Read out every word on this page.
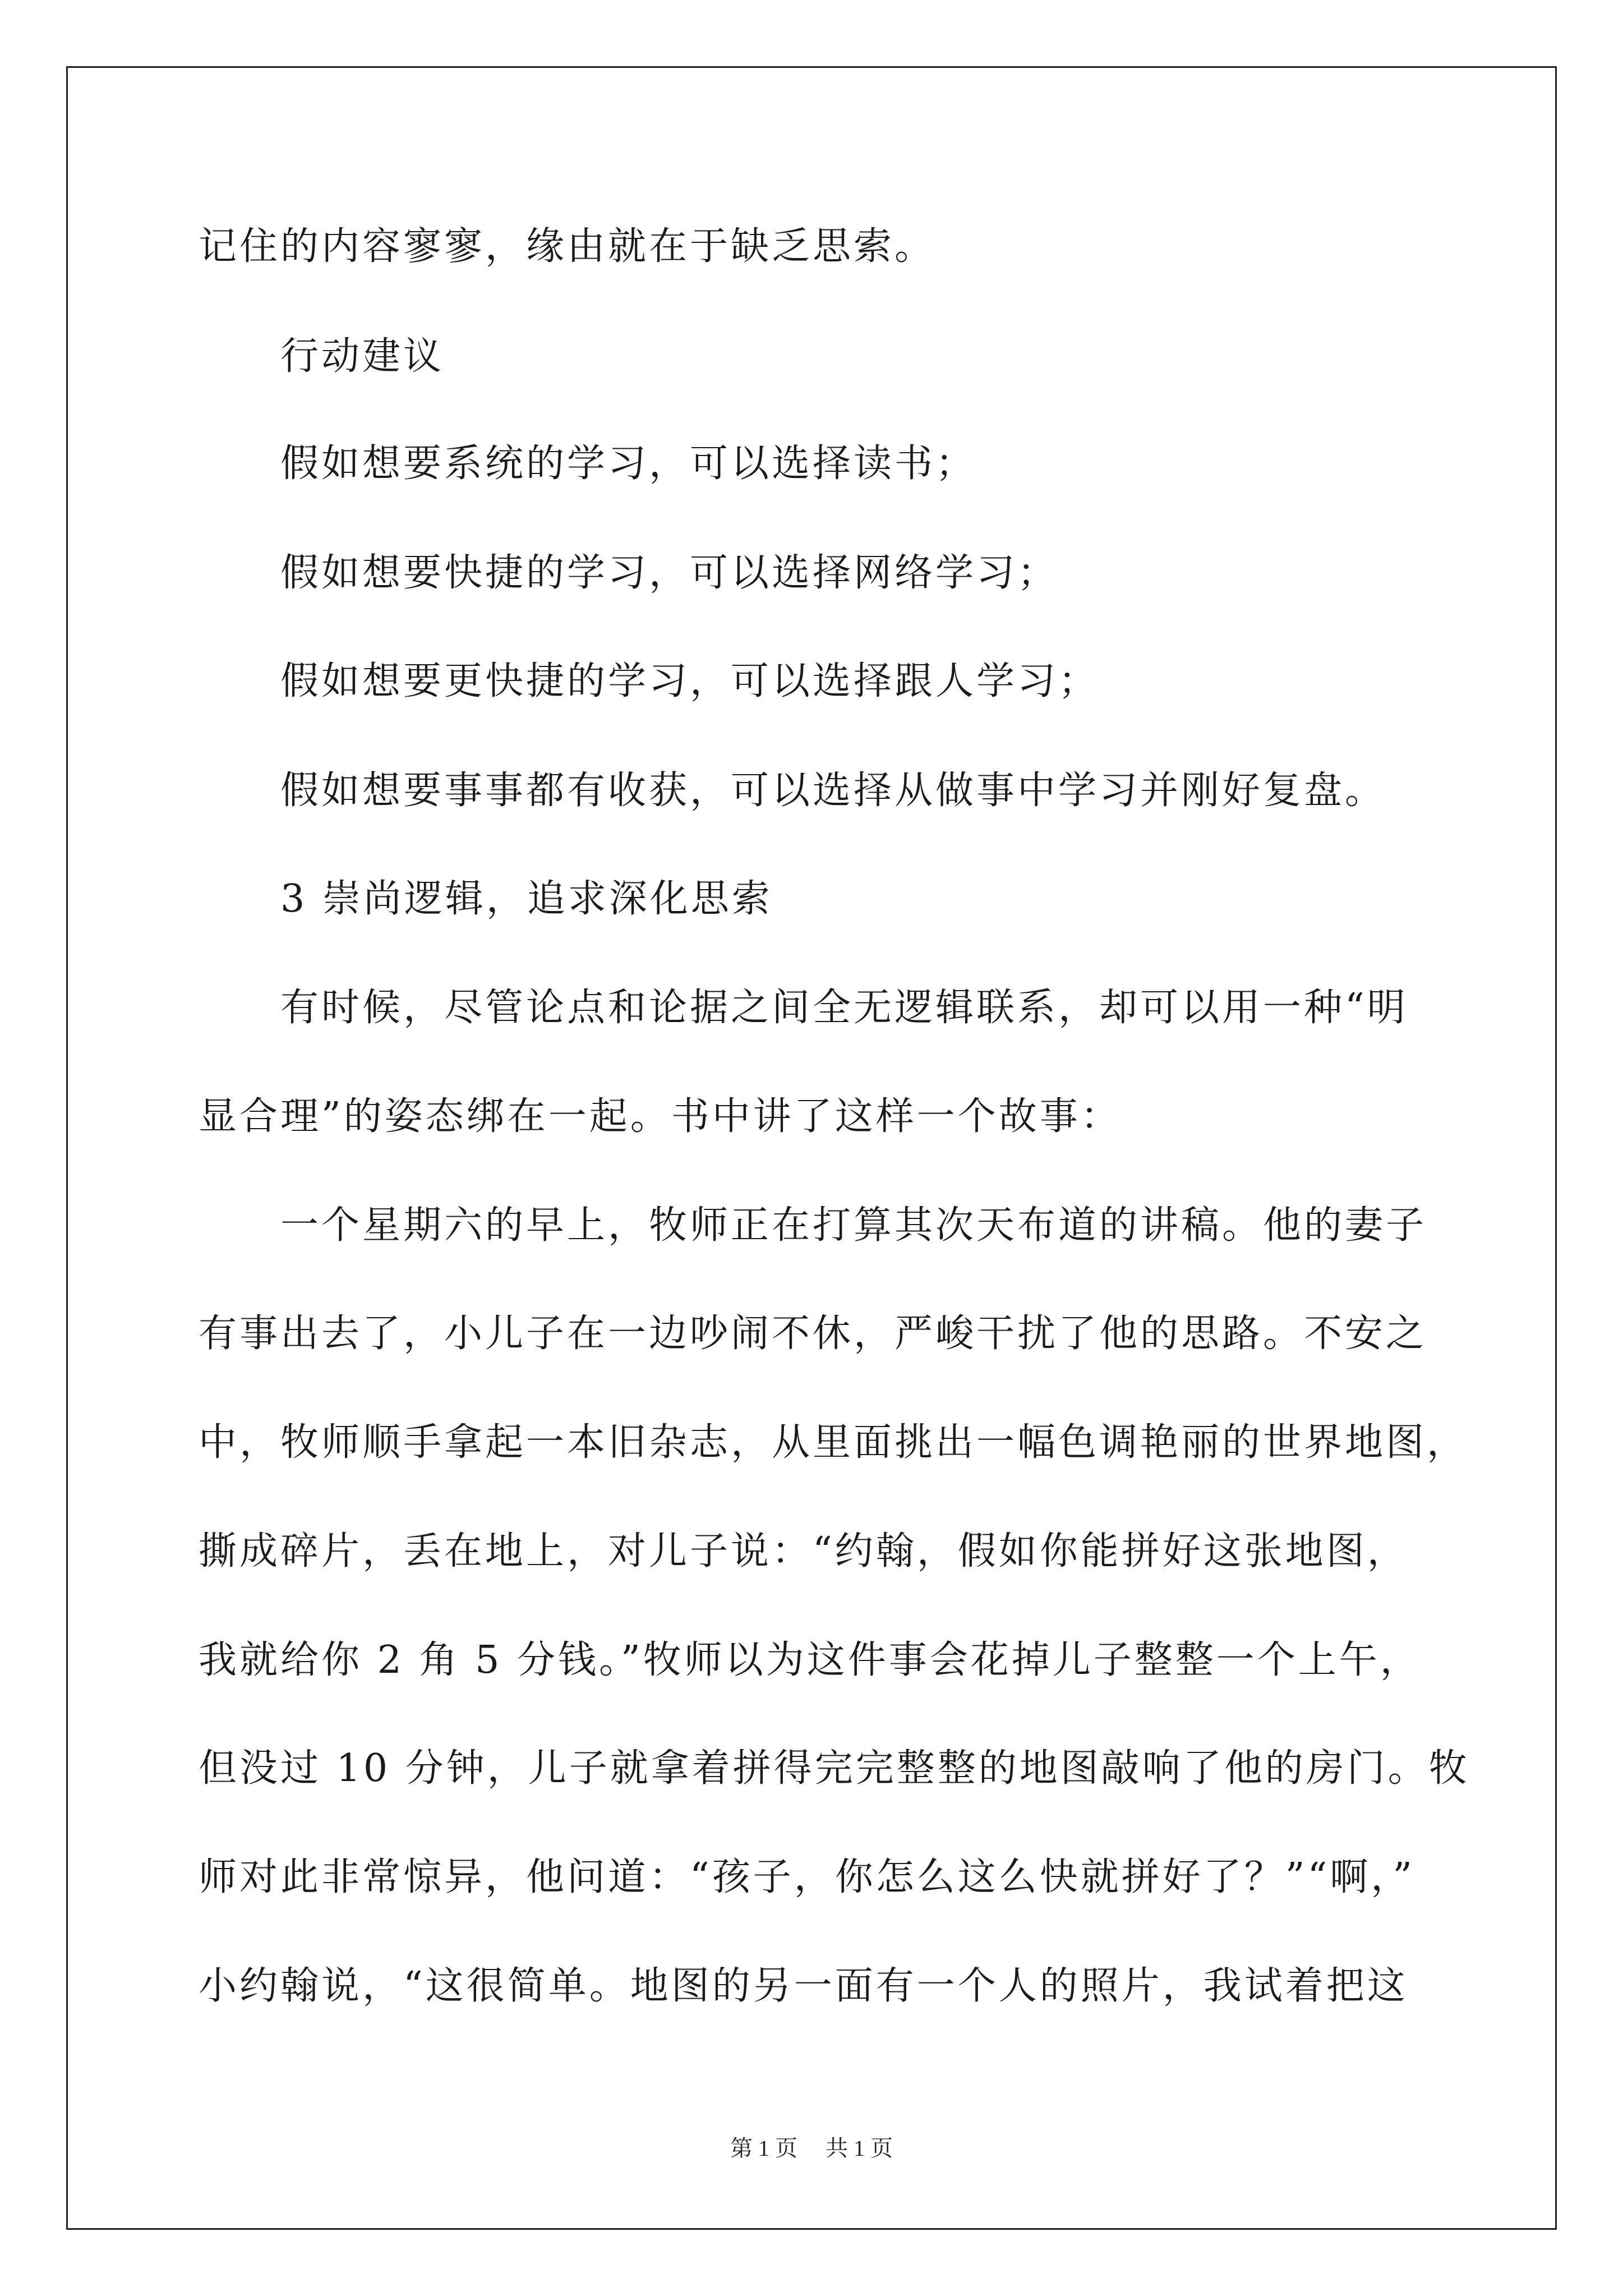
记住的内容寥寥，缘由就在于缺乏思索。
行动建议
假如想要系统的学习，可以选择读书；
假如想要快捷的学习，可以选择网络学习；
假如想要更快捷的学习，可以选择跟人学习；
假如想要事事都有收获，可以选择从做事中学习并刚好复盘。
3 崇尚逻辑，追求深化思索
有时候，尽管论点和论据之间全无逻辑联系，却可以用一种“明
显合理”的姿态绑在一起。书中讲了这样一个故事：
一个星期六的早上，牧师正在打算其次天布道的讲稿。他的妻子
有事出去了，小儿子在一边吵闹不休，严峻干扰了他的思路。不安之
中，牧师顺手拿起一本旧杂志，从里面挑出一幅色调艳丽的世界地图，
撕成碎片，丢在地上，对儿子说：“约翰，假如你能拼好这张地图，
我就给你 2 角 5 分钱。”牧师以为这件事会花掉儿子整整一个上午，
但没过 10 分钟，儿子就拿着拼得完完整整的地图敲响了他的房门。牧
师对此非常惊异，他问道：“孩子，你怎么这么快就拼好了？”“啊，”
小约翰说，“这很简单。地图的另一面有一个人的照片，我试着把这
第 1 页 共 1 页
